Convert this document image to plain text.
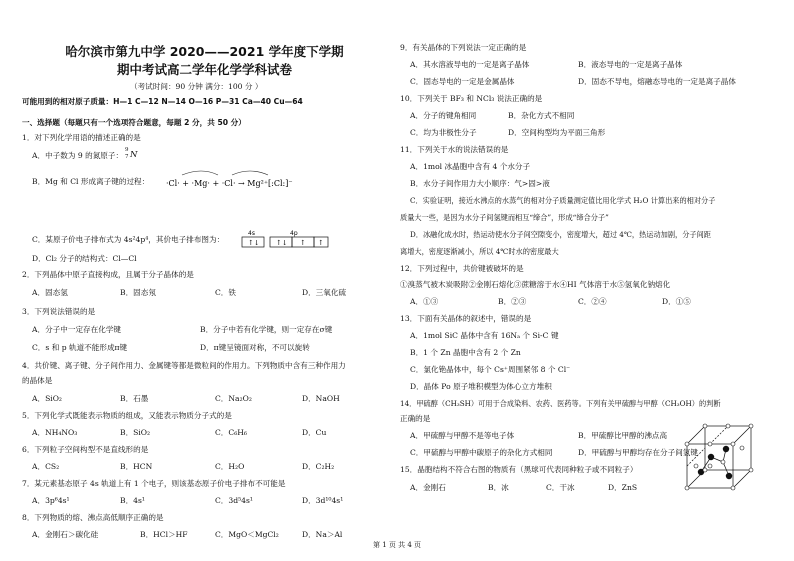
哈尔滨市第九中学 2020——2021 学年度下学期
期中考试高二学年化学学科试卷
（考试时间：90 分钟 满分：100 分 ）
可能用到的相对原子质量：H—1 C—12 N—14 O—16 P—31 Ca—40 Cu—64
一、选择题（每题只有一个选项符合题意，每题 2 分，共 50 分）
1．对下列化学用语的描述正确的是
A．中子数为 9 的氮原子：
9
7 N
B．Mg 和 Cl 形成离子键的过程： ·Cl· + ·Mg· + ·Cl· → Mg²⁺[:Cl:]⁻
C．某原子价电子排布式为 4s²4p⁴，其价电子排布图为：
4s	4p
↑↓ ↑↓ ↑ ↑
D．Cl₂ 分子的结构式：Cl—Cl
2．下列晶体中原子直接构成，且属于分子晶体的是
A．固态氢	B．固态氖	C．铁	D．三氧化硫
3．下列说法错误的是
A．分子中一定存在化学键	B．分子中若有化学键，则一定存在σ键
C．s 和 p 轨道不能形成π键	D．π键呈镜面对称，不可以旋转
4．共价键、离子键、分子间作用力、金属键等都是微粒间的作用力。下列物质中含有三种作用力
的晶体是
A．SiO₂	B．石墨	C．Na₂O₂	D．NaOH
5．下列化学式既能表示物质的组成，又能表示物质分子式的是
A．NH₄NO₃	B．SiO₂	C．C₆H₆	D．Cu
6．下列粒子空间构型不是直线形的是
A．CS₂	B．HCN	C．H₂O	D．C₂H₂
7．某元素基态原子 4s 轨道上有 1 个电子，则该基态原子价电子排布不可能是
A．3p⁶4s¹	B．4s¹	C．3d⁵4s¹	D．3d¹⁰4s¹
8．下列物质的熔、沸点高低顺序正确的是
A．金刚石＞碳化硅	B．HCl＞HF	C．MgO＜MgCl₂	D．Na＞Al
9．有关晶体的下列说法一定正确的是
A．其水溶液导电的一定是离子晶体	B．液态导电的一定是离子晶体
C．固态导电的一定是金属晶体	D．固态不导电，熔融态导电的一定是离子晶体
10．下列关于 BF₃ 和 NCl₃ 说法正确的是
A．分子的键角相同	B．杂化方式不相同
C．均为非极性分子	D．空间构型均为平面三角形
11．下列关于水的说法错误的是
A．1mol 冰晶胞中含有 4 个水分子
B．水分子间作用力大小顺序：气>固>液
C．实验证明，接近水沸点的水蒸气的相对分子质量测定值比用化学式 H₂O 计算出来的相对分子
质量大一些，是因为水分子间氢键而相互“缔合”，形成“缔合分子”
D．冰融化成水时，热运动使水分子间空隙变小，密度增大，超过 4℃，热运动加剧，分子间距
离增大，密度逐渐减小，所以 4℃时水的密度最大
12．下列过程中，共价键被破坏的是
①溴蒸气被木炭吸附②金刚石熔化③蔗糖溶于水④HI 气体溶于水⑤氢氧化钠熔化
A．①③	B．②③	C．②④	D．①⑤
13．下面有关晶体的叙述中，错误的是
A．1mol SiC 晶体中含有 16Nₐ 个 Si-C 键
B．1 个 Zn 晶胞中含有 2 个 Zn
C．氯化铯晶体中，每个 Cs⁺周围紧邻 8 个 Cl⁻
D．晶体 Po 原子堆积模型为体心立方堆积
14．甲硫醇（CH₃SH）可用于合成染料、农药、医药等。下列有关甲硫醇与甲醇（CH₃OH）的判断
正确的是
A．甲硫醇与甲醇不是等电子体	B．甲硫醇比甲醇的沸点高
C．甲硫醇与甲醇中碳原子的杂化方式相同	D．甲硫醇与甲醇均存在分子间氢键
15．晶胞结构不符合右图的物质有（黑球可代表同种粒子或不同粒子）
A．金刚石	B．冰	C．干冰	D．ZnS
第 1 页 共 4 页
